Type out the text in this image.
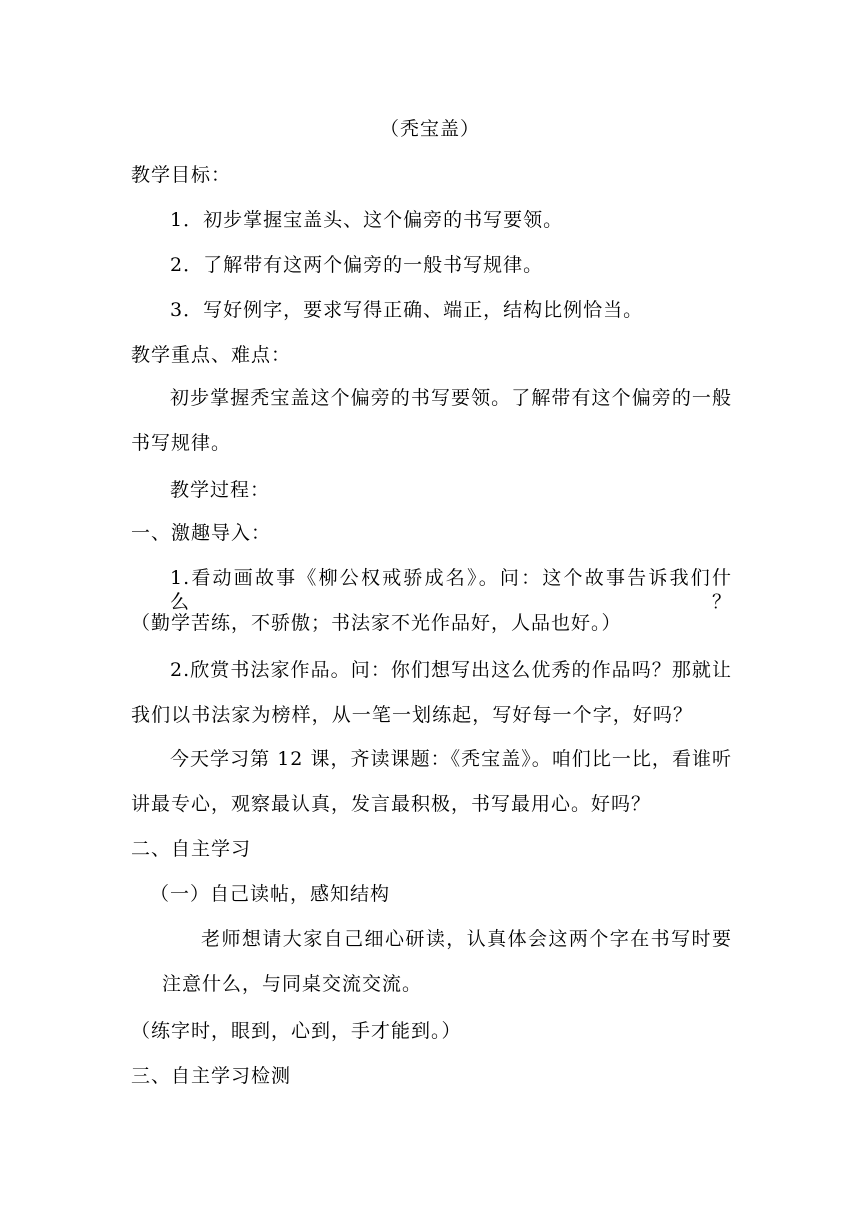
（秃宝盖）
教学目标：
1．初步掌握宝盖头、这个偏旁的书写要领。
2．了解带有这两个偏旁的一般书写规律。
3．写好例字，要求写得正确、端正，结构比例恰当。
教学重点、难点：
初步掌握秃宝盖这个偏旁的书写要领。了解带有这个偏旁的一般
书写规律。
教学过程：
一、激趣导入：
1.看动画故事《柳公权戒骄成名》。问：这个故事告诉我们什么？
（勤学苦练，不骄傲；书法家不光作品好，人品也好。）
2.欣赏书法家作品。问：你们想写出这么优秀的作品吗？那就让
我们以书法家为榜样，从一笔一划练起，写好每一个字，好吗？
今天学习第 12 课，齐读课题：《秃宝盖》。咱们比一比，看谁听
讲最专心，观察最认真，发言最积极，书写最用心。好吗？
二、自主学习
（一）自己读帖，感知结构
老师想请大家自己细心研读，认真体会这两个字在书写时要
注意什么，与同桌交流交流。
（练字时，眼到，心到，手才能到。）
三、自主学习检测
